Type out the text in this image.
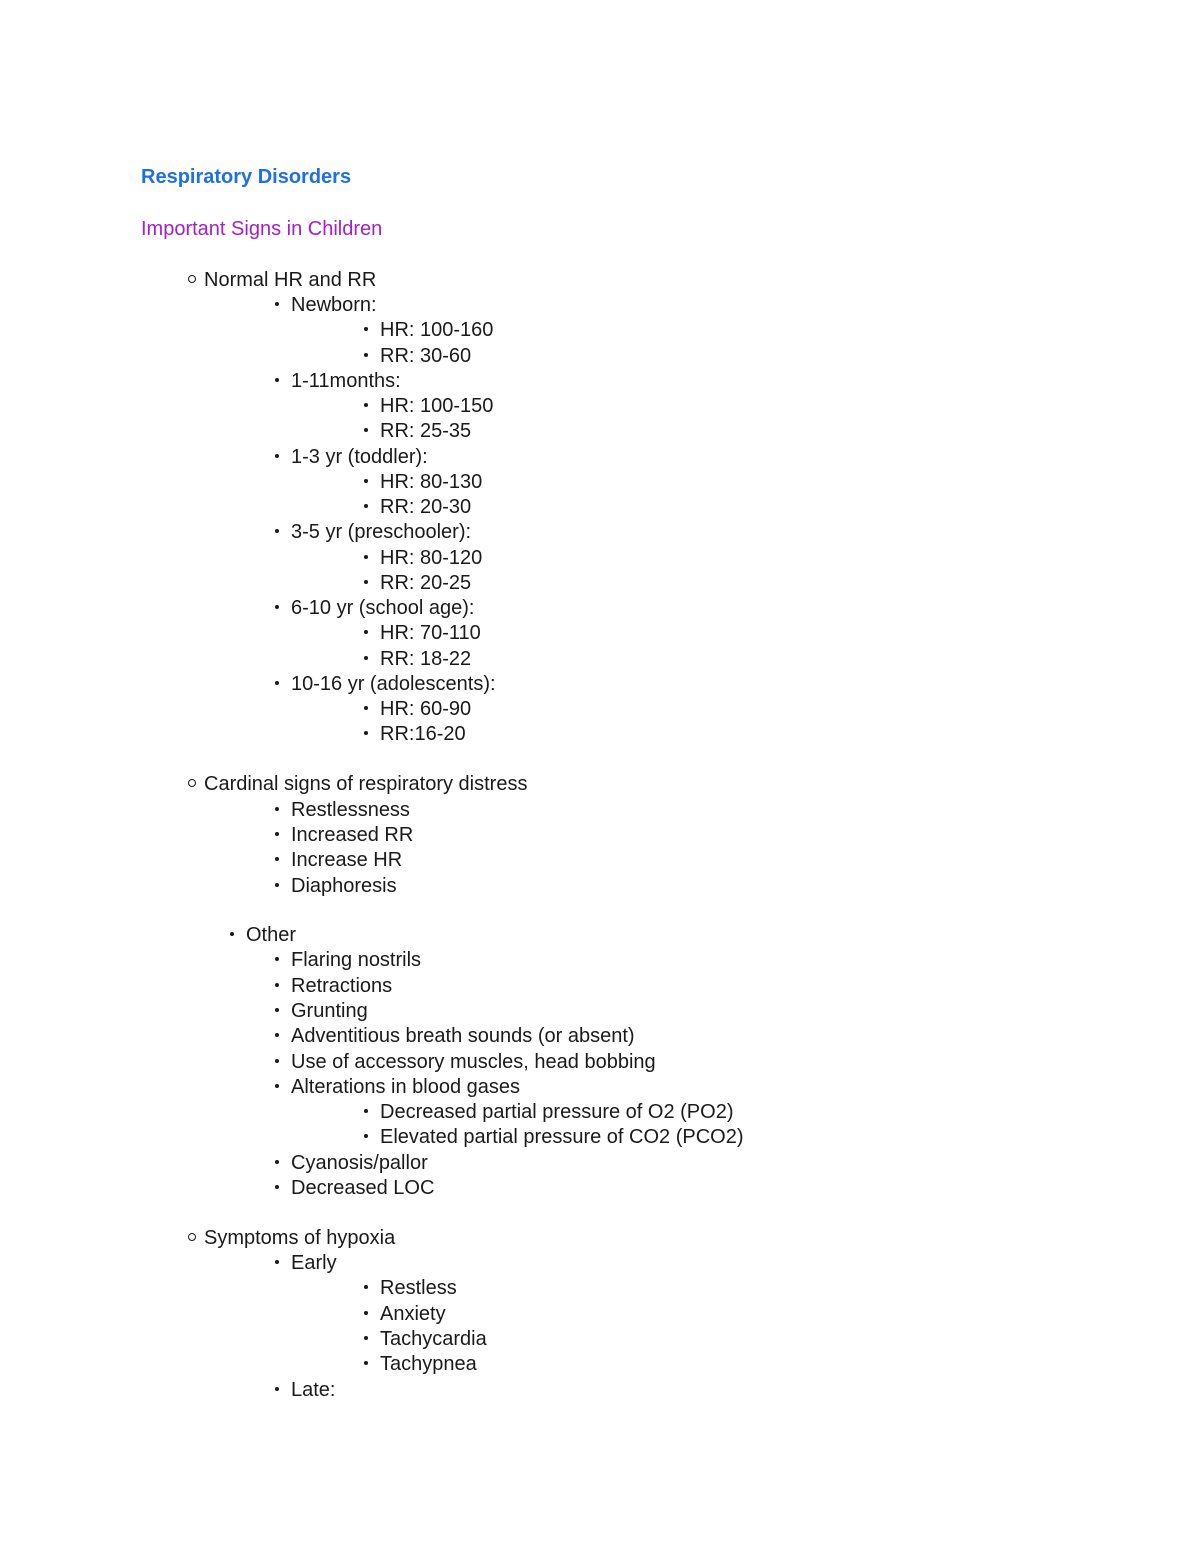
Respiratory Disorders
Important Signs in Children
Normal HR and RR
Newborn:
HR: 100-160
RR: 30-60
1-11months:
HR: 100-150
RR: 25-35
1-3 yr (toddler):
HR: 80-130
RR: 20-30
3-5 yr (preschooler):
HR: 80-120
RR: 20-25
6-10 yr (school age):
HR: 70-110
RR: 18-22
10-16 yr (adolescents):
HR: 60-90
RR:16-20
Cardinal signs of respiratory distress
Restlessness
Increased RR
Increase HR
Diaphoresis
Other
Flaring nostrils
Retractions
Grunting
Adventitious breath sounds (or absent)
Use of accessory muscles, head bobbing
Alterations in blood gases
Decreased partial pressure of O2 (PO2)
Elevated partial pressure of CO2 (PCO2)
Cyanosis/pallor
Decreased LOC
Symptoms of hypoxia
Early
Restless
Anxiety
Tachycardia
Tachypnea
Late:
